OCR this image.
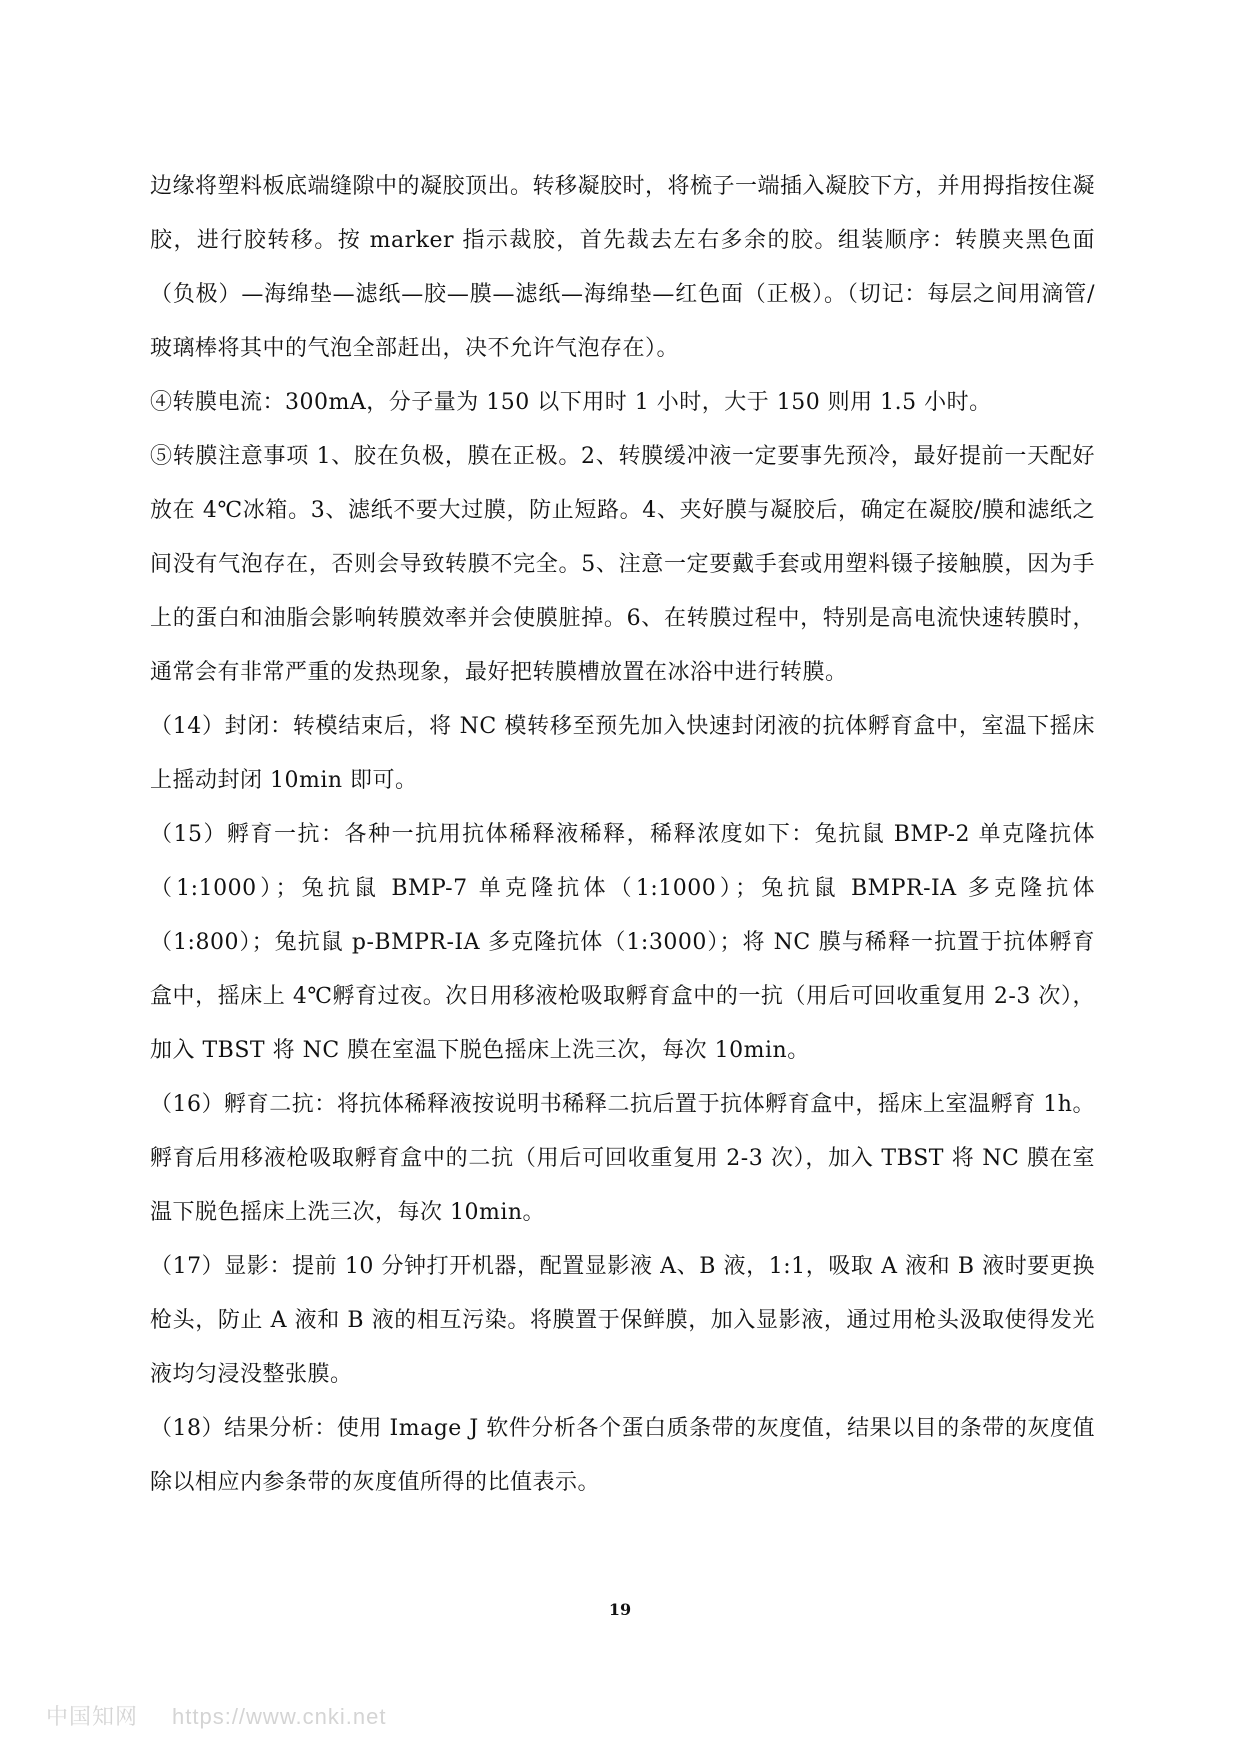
边缘将塑料板底端缝隙中的凝胶顶出。转移凝胶时，将梳子一端插入凝胶下方，并用拇指按住凝胶，进行胶转移。按 marker 指示裁胶，首先裁去左右多余的胶。组装顺序：转膜夹黑色面（负极）—海绵垫—滤纸—胶—膜—滤纸—海绵垫—红色面（正极）。（切记：每层之间用滴管/玻璃棒将其中的气泡全部赶出，决不允许气泡存在）。

④转膜电流：300mA，分子量为 150 以下用时 1 小时，大于 150 则用 1.5 小时。

⑤转膜注意事项 1、胶在负极，膜在正极。2、转膜缓冲液一定要事先预冷，最好提前一天配好放在 4℃冰箱。3、滤纸不要大过膜，防止短路。4、夹好膜与凝胶后，确定在凝胶/膜和滤纸之间没有气泡存在，否则会导致转膜不完全。5、注意一定要戴手套或用塑料镊子接触膜，因为手上的蛋白和油脂会影响转膜效率并会使膜脏掉。6、在转膜过程中，特别是高电流快速转膜时，通常会有非常严重的发热现象，最好把转膜槽放置在冰浴中进行转膜。

（14）封闭：转模结束后，将 NC 模转移至预先加入快速封闭液的抗体孵育盒中，室温下摇床上摇动封闭 10min 即可。

（15）孵育一抗：各种一抗用抗体稀释液稀释，稀释浓度如下：兔抗鼠 BMP-2 单克隆抗体（1:1000）；兔抗鼠 BMP-7 单克隆抗体（1:1000）；兔抗鼠 BMPR-IA 多克隆抗体（1:800）；兔抗鼠 p-BMPR-IA 多克隆抗体（1:3000）；将 NC 膜与稀释一抗置于抗体孵育盒中，摇床上 4℃孵育过夜。次日用移液枪吸取孵育盒中的一抗（用后可回收重复用 2-3 次），加入 TBST 将 NC 膜在室温下脱色摇床上洗三次，每次 10min。

（16）孵育二抗：将抗体稀释液按说明书稀释二抗后置于抗体孵育盒中，摇床上室温孵育 1h。孵育后用移液枪吸取孵育盒中的二抗（用后可回收重复用 2-3 次），加入 TBST 将 NC 膜在室温下脱色摇床上洗三次，每次 10min。

（17）显影：提前 10 分钟打开机器，配置显影液 A、B 液，1:1，吸取 A 液和 B 液时要更换枪头，防止 A 液和 B 液的相互污染。将膜置于保鲜膜，加入显影液，通过用枪头汲取使得发光液均匀浸没整张膜。

（18）结果分析：使用 Image J 软件分析各个蛋白质条带的灰度值，结果以目的条带的灰度值除以相应内参条带的灰度值所得的比值表示。

19
中国知网 https://www.cnki.net
